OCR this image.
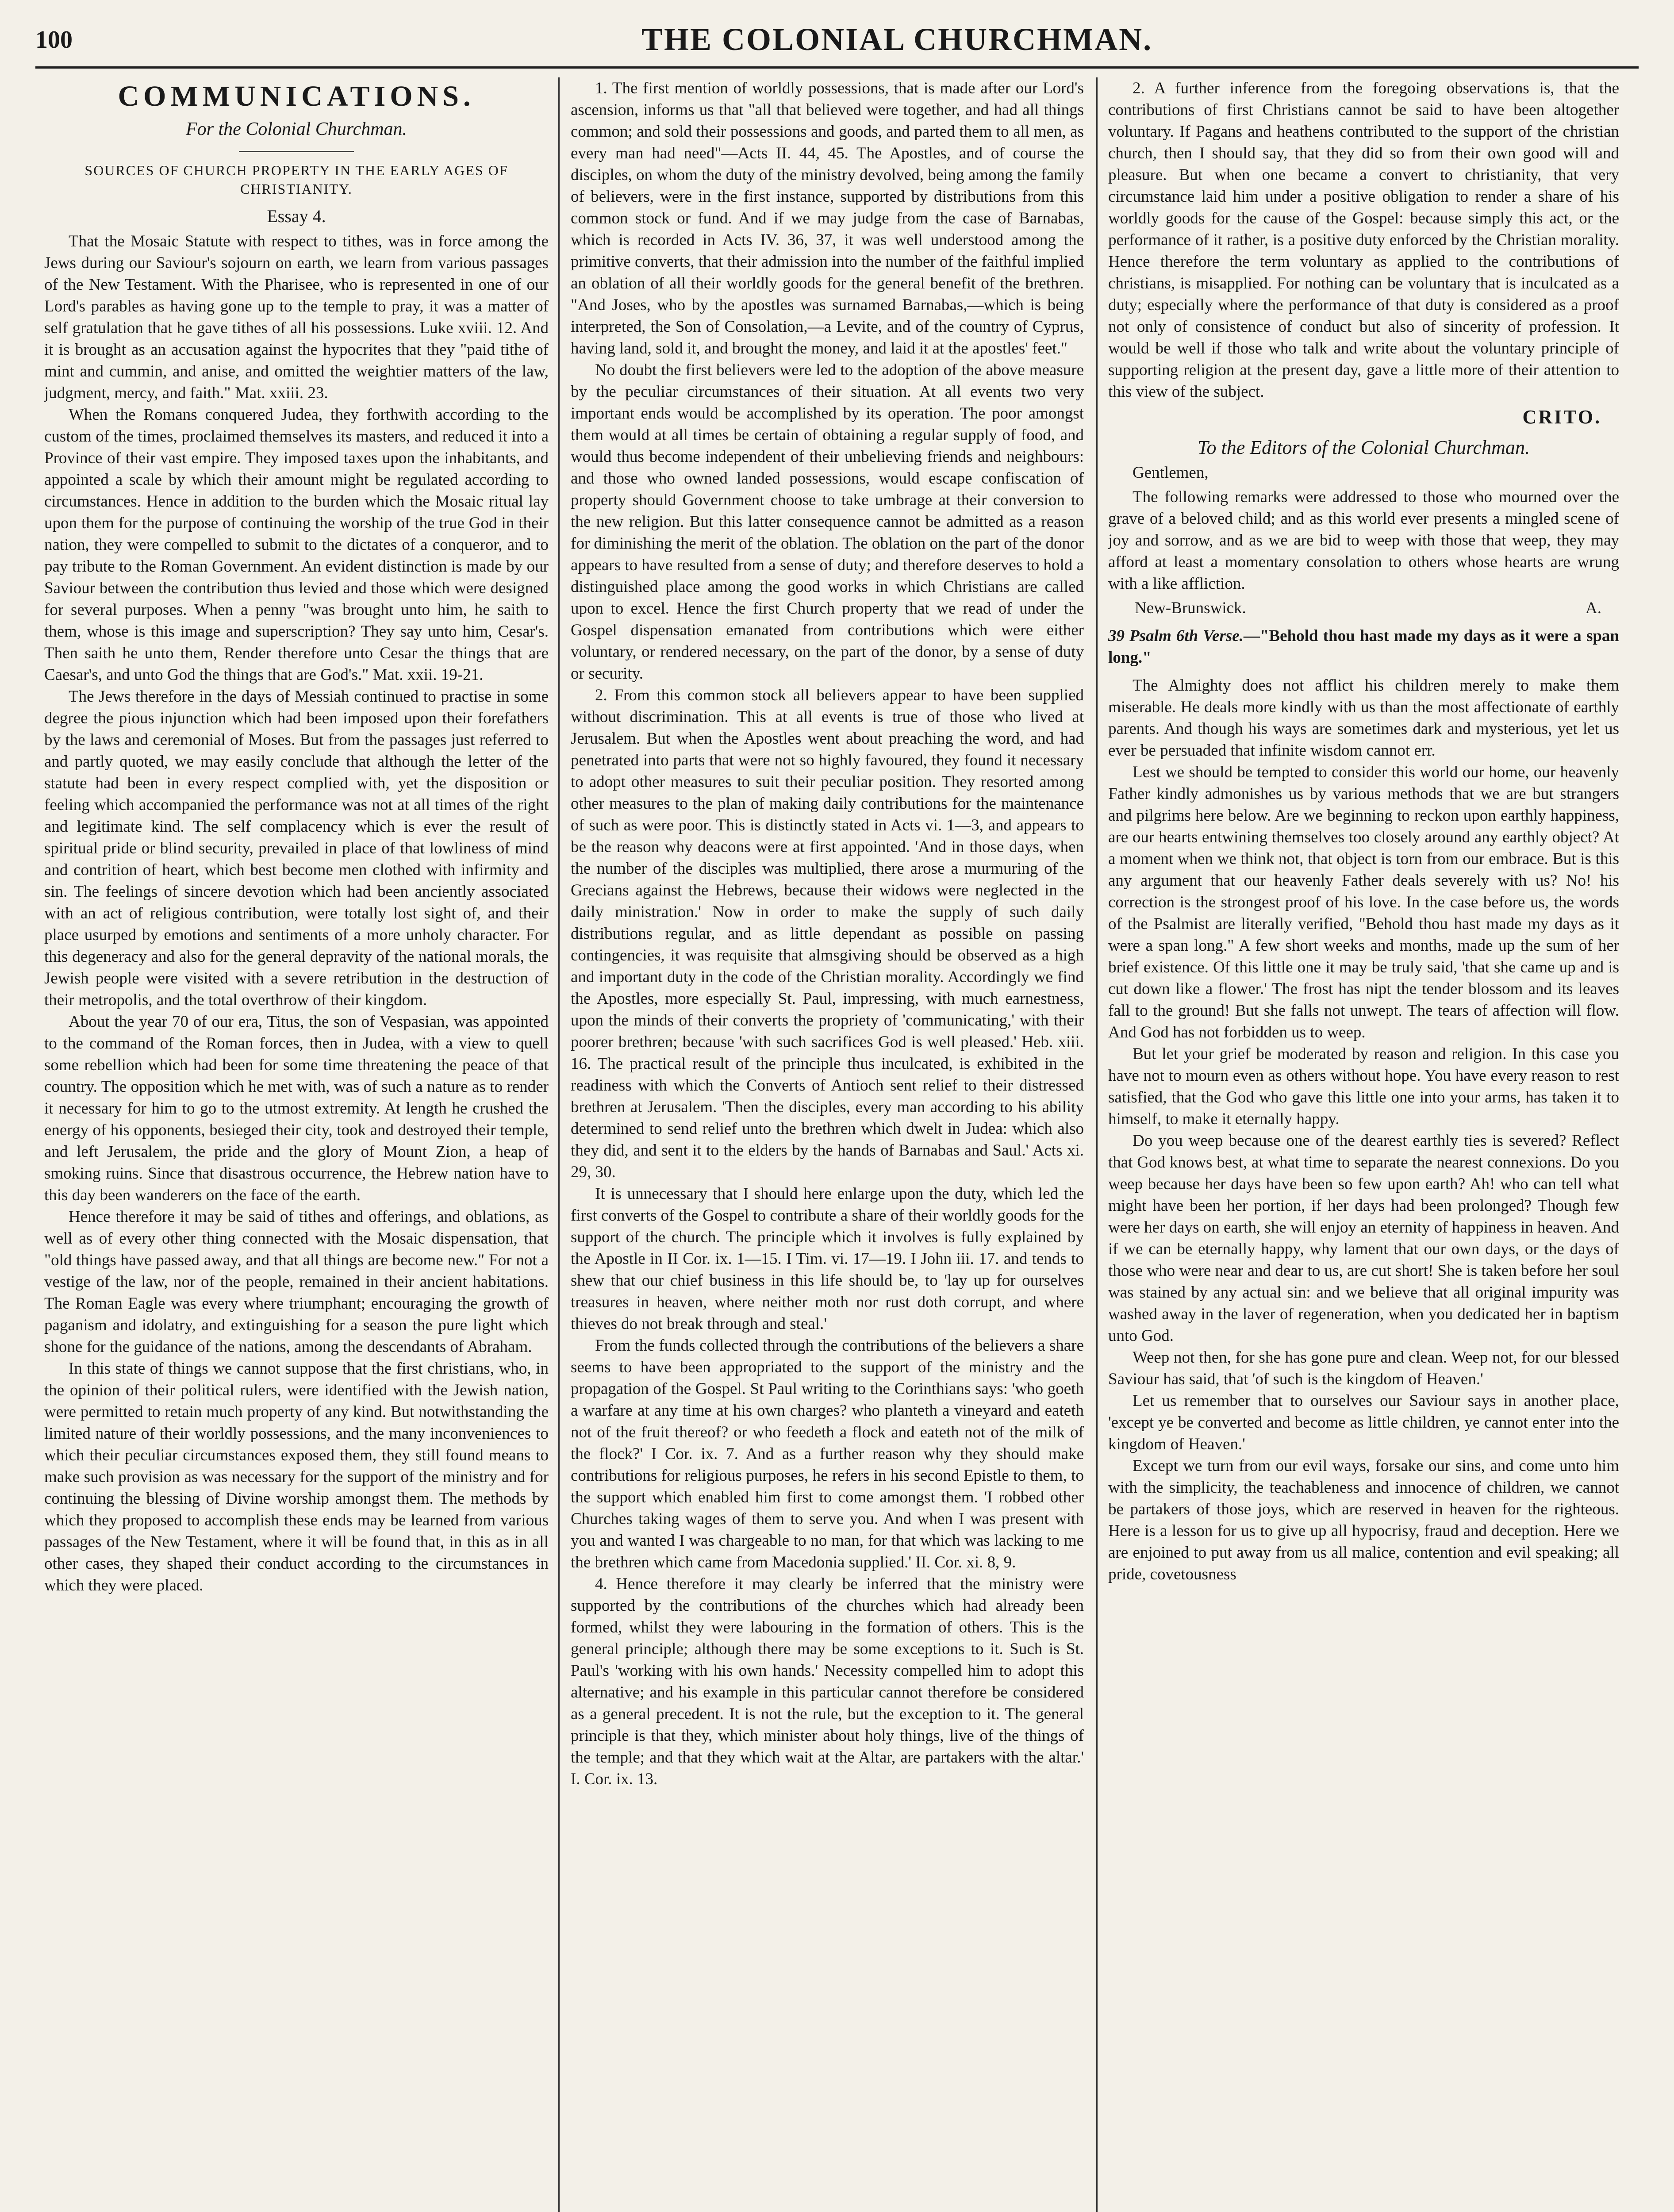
100	THE COLONIAL CHURCHMAN.
COMMUNICATIONS.
For the Colonial Churchman.
SOURCES OF CHURCH PROPERTY IN THE EARLY AGES OF CHRISTIANITY.
Essay 4.

That the Mosaic Statute with respect to tithes, was in force among the Jews during our Saviour's sojourn on earth, we learn from various passages of the New Testament. With the Pharisee, who is represented in one of our Lord's parables as having gone up to the temple to pray, it was a matter of self gratulation that he gave tithes of all his possessions. Luke xviii. 12. And it is brought as an accusation against the hypocrites that they "paid tithe of mint and cummin, and anise, and omitted the weightier matters of the law, judgment, mercy, and faith." Mat. xxiii. 23.

When the Romans conquered Judea, they forthwith according to the custom of the times, proclaimed themselves its masters, and reduced it into a Province of their vast empire. They imposed taxes upon the inhabitants, and appointed a scale by which their amount might be regulated according to circumstances. Hence in addition to the burden which the Mosaic ritual lay upon them for the purpose of continuing the worship of the true God in their nation, they were compelled to submit to the dictates of a conqueror, and to pay tribute to the Roman Government. An evident distinction is made by our Saviour between the contribution thus levied and those which were designed for several purposes. When a penny "was brought unto him, he saith to them, whose is this image and superscription? They say unto him, Cesar's. Then saith he unto them, Render therefore unto Cesar the things that are Caesar's, and unto God the things that are God's." Mat. xxii. 19-21.

The Jews therefore in the days of Messiah continued to practise in some degree the pious injunction which had been imposed upon their forefathers by the laws and ceremonial of Moses. But from the passages just referred to and partly quoted, we may easily conclude that although the letter of the statute had been in every respect complied with, yet the disposition or feeling which accompanied the performance was not at all times of the right and legitimate kind. The self complacency which is ever the result of spiritual pride or blind security, prevailed in place of that lowliness of mind and contrition of heart, which best become men clothed with infirmity and sin. The feelings of sincere devotion which had been anciently associated with an act of religious contribution, were totally lost sight of, and their place usurped by emotions and sentiments of a more unholy character. For this degeneracy and also for the general depravity of the national morals, the Jewish people were visited with a severe retribution in the destruction of their metropolis, and the total overthrow of their kingdom.

About the year 70 of our era, Titus, the son of Vespasian, was appointed to the command of the Roman forces, then in Judea, with a view to quell some rebellion which had been for some time threatening the peace of that country. The opposition which he met with, was of such a nature as to render it necessary for him to go to the utmost extremity. At length he crushed the energy of his opponents, besieged their city, took and destroyed their temple, and left Jerusalem, the pride and the glory of Mount Zion, a heap of smoking ruins. Since that disastrous occurrence, the Hebrew nation have to this day been wanderers on the face of the earth.

Hence therefore it may be said of tithes and offerings, and oblations, as well as of every other thing connected with the Mosaic dispensation, that "old things have passed away, and that all things are become new." For not a vestige of the law, nor of the people, remained in their ancient habitations. The Roman Eagle was every where triumphant; encouraging the growth of paganism and idolatry, and extinguishing for a season the pure light which shone for the guidance of the nations, among the descendants of Abraham.

In this state of things we cannot suppose that the first christians, who, in the opinion of their political rulers, were identified with the Jewish nation, were permitted to retain much property of any kind. But notwithstanding the limited nature of their worldly possessions, and the many inconveniences to which their peculiar circumstances exposed them, they still found means to make such provision as was necessary for the support of the ministry and for continuing the blessing of Divine worship amongst them. The methods by which they proposed to accomplish these ends may be learned from various passages of the New Testament, where it will be found that, in this as in all other cases, they shaped their conduct according to the circumstances in which they were placed.

1. The first mention of worldly possessions, that is made after our Lord's ascension, informs us that "all that believed were together, and had all things common; and sold their possessions and goods, and parted them to all men, as every man had need"—Acts II. 44, 45. The Apostles, and of course the disciples, on whom the duty of the ministry devolved, being among the family of believers, were in the first instance, supported by distributions from this common stock or fund. And if we may judge from the case of Barnabas, which is recorded in Acts IV. 36, 37, it was well understood among the primitive converts, that their admission into the number of the faithful implied an oblation of all their worldly goods for the general benefit of the brethren. "And Joses, who by the apostles was surnamed Barnabas,—which is being interpreted, the Son of Consolation,—a Levite, and of the country of Cyprus, having land, sold it, and brought the money, and laid it at the apostles' feet."

No doubt the first believers were led to the adoption of the above measure by the peculiar circumstances of their situation. At all events two very important ends would be accomplished by its operation. The poor amongst them would at all times be certain of obtaining a regular supply of food, and would thus become independent of their unbelieving friends and neighbours: and those who owned landed possessions, would escape confiscation of property should Government choose to take umbrage at their conversion to the new religion. But this latter consequence cannot be admitted as a reason for diminishing the merit of the oblation. The oblation on the part of the donor appears to have resulted from a sense of duty; and therefore deserves to hold a distinguished place among the good works in which Christians are called upon to excel. Hence the first Church property that we read of under the Gospel dispensation emanated from contributions which were either voluntary, or rendered necessary, on the part of the donor, by a sense of duty or security.

2. From this common stock all believers appear to have been supplied without discrimination. This at all events is true of those who lived at Jerusalem. But when the Apostles went about preaching the word, and had penetrated into parts that were not so highly favoured, they found it necessary to adopt other measures to suit their peculiar position. They resorted among other measures to the plan of making daily contributions for the maintenance of such as were poor. This is distinctly stated in Acts vi. 1—3, and appears to be the reason why deacons were at first appointed. 'And in those days, when the number of the disciples was multiplied, there arose a murmuring of the Grecians against the Hebrews, because their widows were neglected in the daily ministration.' Now in order to make the supply of such daily distributions regular, and as little dependant as possible on passing contingencies, it was requisite that almsgiving should be observed as a high and important duty in the code of the Christian morality. Accordingly we find the Apostles, more especially St. Paul, impressing, with much earnestness, upon the minds of their converts the propriety of 'communicating,' with their poorer brethren; because 'with such sacrifices God is well pleased.' Heb. xiii. 16. The practical result of the principle thus inculcated, is exhibited in the readiness with which the Converts of Antioch sent relief to their distressed brethren at Jerusalem. 'Then the disciples, every man according to his ability determined to send relief unto the brethren which dwelt in Judea: which also they did, and sent it to the elders by the hands of Barnabas and Saul.' Acts xi. 29, 30.

It is unnecessary that I should here enlarge upon the duty, which led the first converts of the Gospel to contribute a share of their worldly goods for the support of the church. The principle which it involves is fully explained by the Apostle in II Cor. ix. 1—15. I Tim. vi. 17—19. I John iii. 17. and tends to shew that our chief business in this life should be, to 'lay up for ourselves treasures in heaven, where neither moth nor rust doth corrupt, and where thieves do not break through and steal.'

From the funds collected through the contributions of the believers a share seems to have been appropriated to the support of the ministry and the propagation of the Gospel. St Paul writing to the Corinthians says: 'who goeth a warfare at any time at his own charges? who planteth a vineyard and eateth not of the fruit thereof? or who feedeth a flock and eateth not of the milk of the flock?' I Cor. ix. 7. And as a further reason why they should make contributions for religious purposes, he refers in his second Epistle to them, to the support which enabled him first to come amongst them. 'I robbed other Churches taking wages of them to serve you. And when I was present with you and wanted I was chargeable to no man, for that which was lacking to me the brethren which came from Macedonia supplied.' II. Cor. xi. 8, 9.

4. Hence therefore it may clearly be inferred that the ministry were supported by the contributions of the churches which had already been formed, whilst they were labouring in the formation of others. This is the general principle; although there may be some exceptions to it. Such is St. Paul's 'working with his own hands.' Necessity compelled him to adopt this alternative; and his example in this particular cannot therefore be considered as a general precedent. It is not the rule, but the exception to it. The general principle is that they, which minister about holy things, live of the things of the temple; and that they which wait at the Altar, are partakers with the altar.' I. Cor. ix. 13.

2. A further inference from the foregoing observations is, that the contributions of first Christians cannot be said to have been altogether voluntary. If Pagans and heathens contributed to the support of the christian church, then I should say, that they did so from their own good will and pleasure. But when one became a convert to christianity, that very circumstance laid him under a positive obligation to render a share of his worldly goods for the cause of the Gospel: because simply this act, or the performance of it rather, is a positive duty enforced by the Christian morality. Hence therefore the term voluntary as applied to the contributions of christians, is misapplied. For nothing can be voluntary that is inculcated as a duty; especially where the performance of that duty is considered as a proof not only of consistence of conduct but also of sincerity of profession. It would be well if those who talk and write about the voluntary principle of supporting religion at the present day, gave a little more of their attention to this view of the subject.

CRITO.
To the Editors of the Colonial Churchman.
Gentlemen,

The following remarks were addressed to those who mourned over the grave of a beloved child; and as this world ever presents a mingled scene of joy and sorrow, and as we are bid to weep with those that weep, they may afford at least a momentary consolation to others whose hearts are wrung with a like affliction.

New-Brunswick.	A.
39 Psalm 6th Verse.—"Behold thou hast made my days as it were a span long."

The Almighty does not afflict his children merely to make them miserable. He deals more kindly with us than the most affectionate of earthly parents. And though his ways are sometimes dark and mysterious, yet let us ever be persuaded that infinite wisdom cannot err.

Lest we should be tempted to consider this world our home, our heavenly Father kindly admonishes us by various methods that we are but strangers and pilgrims here below. Are we beginning to reckon upon earthly happiness, are our hearts entwining themselves too closely around any earthly object? At a moment when we think not, that object is torn from our embrace. But is this any argument that our heavenly Father deals severely with us? No! his correction is the strongest proof of his love. In the case before us, the words of the Psalmist are literally verified, "Behold thou hast made my days as it were a span long." A few short weeks and months, made up the sum of her brief existence. Of this little one it may be truly said, 'that she came up and is cut down like a flower.' The frost has nipt the tender blossom and its leaves fall to the ground! But she falls not unwept. The tears of affection will flow. And God has not forbidden us to weep.

But let your grief be moderated by reason and religion. In this case you have not to mourn even as others without hope. You have every reason to rest satisfied, that the God who gave this little one into your arms, has taken it to himself, to make it eternally happy.

Do you weep because one of the dearest earthly ties is severed? Reflect that God knows best, at what time to separate the nearest connexions. Do you weep because her days have been so few upon earth? Ah! who can tell what might have been her portion, if her days had been prolonged? Though few were her days on earth, she will enjoy an eternity of happiness in heaven. And if we can be eternally happy, why lament that our own days, or the days of those who were near and dear to us, are cut short! She is taken before her soul was stained by any actual sin: and we believe that all original impurity was washed away in the laver of regeneration, when you dedicated her in baptism unto God.

Weep not then, for she has gone pure and clean. Weep not, for our blessed Saviour has said, that 'of such is the kingdom of Heaven.'

Let us remember that to ourselves our Saviour says in another place, 'except ye be converted and become as little children, ye cannot enter into the kingdom of Heaven.'

Except we turn from our evil ways, forsake our sins, and come unto him with the simplicity, the teachableness and innocence of children, we cannot be partakers of those joys, which are reserved in heaven for the righteous. Here is a lesson for us to give up all hypocrisy, fraud and deception. Here we are enjoined to put away from us all malice, contention and evil speaking; all pride, covetousness
